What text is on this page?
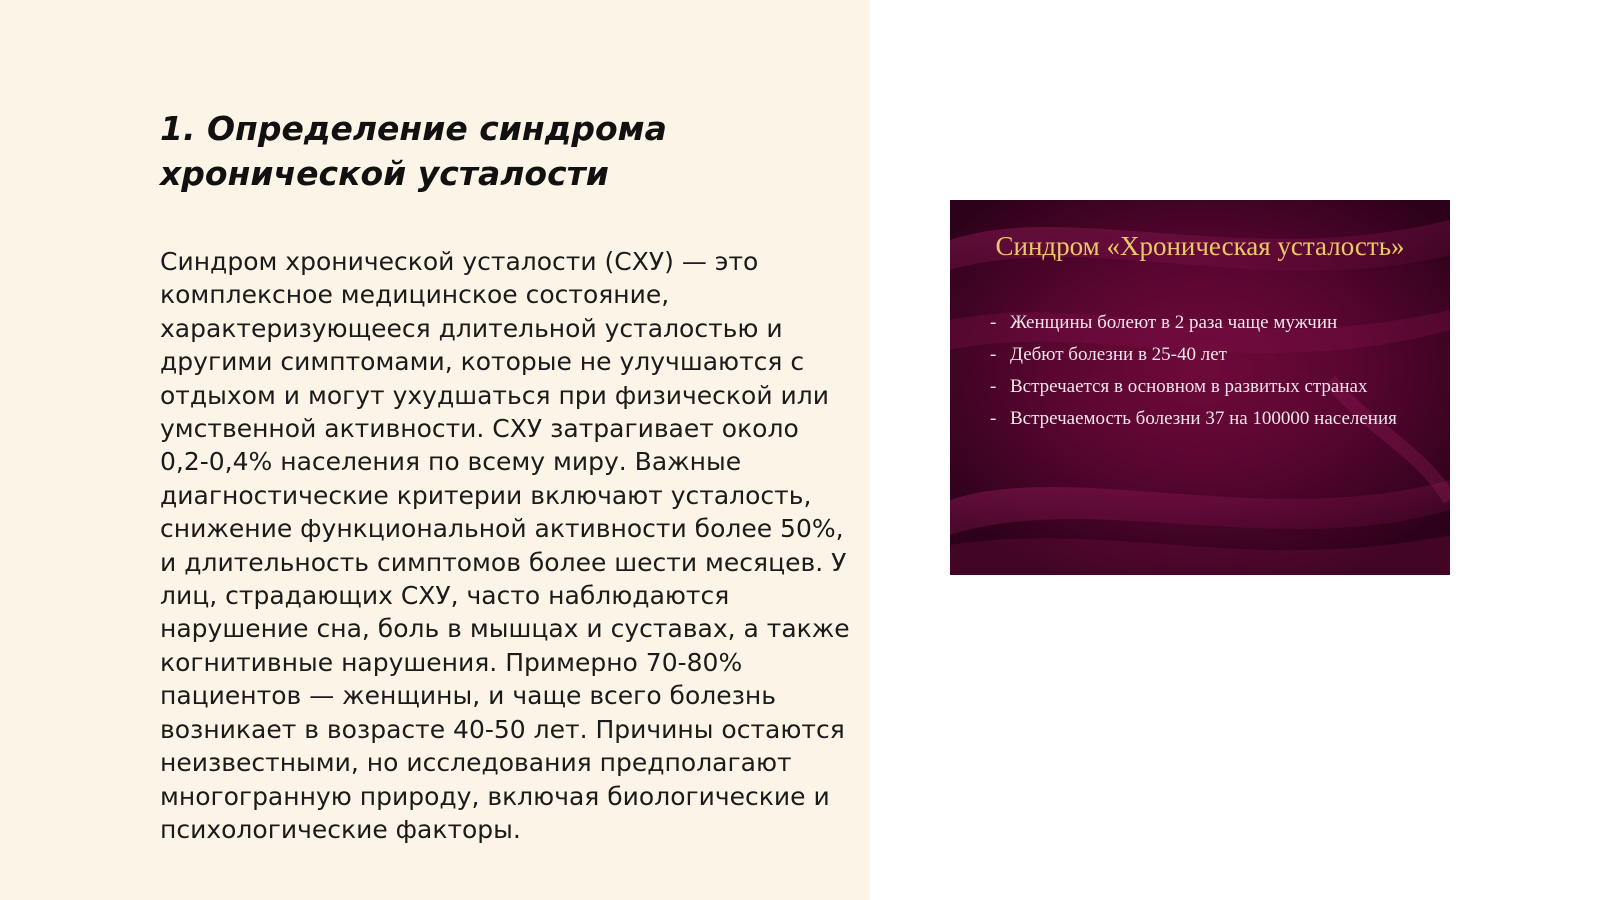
1. Определение синдрома хронической усталости

Синдром хронической усталости (СХУ) — это комплексное медицинское состояние, характеризующееся длительной усталостью и другими симптомами, которые не улучшаются с отдыхом и могут ухудшаться при физической или умственной активности. СХУ затрагивает около 0,2-0,4% населения по всему миру. Важные диагностические критерии включают усталость, снижение функциональной активности более 50%, и длительность симптомов более шести месяцев. У лиц, страдающих СХУ, часто наблюдаются нарушение сна, боль в мышцах и суставах, а также когнитивные нарушения. Примерно 70-80% пациентов — женщины, и чаще всего болезнь возникает в возрасте 40-50 лет. Причины остаются неизвестными, но исследования предполагают многогранную природу, включая биологические и психологические факторы.

Синдром «Хроническая усталость»
- Женщины болеют в 2 раза чаще мужчин
- Дебют болезни в 25-40 лет
- Встречается в основном в развитых странах
- Встречаемость болезни 37 на 100000 населения
